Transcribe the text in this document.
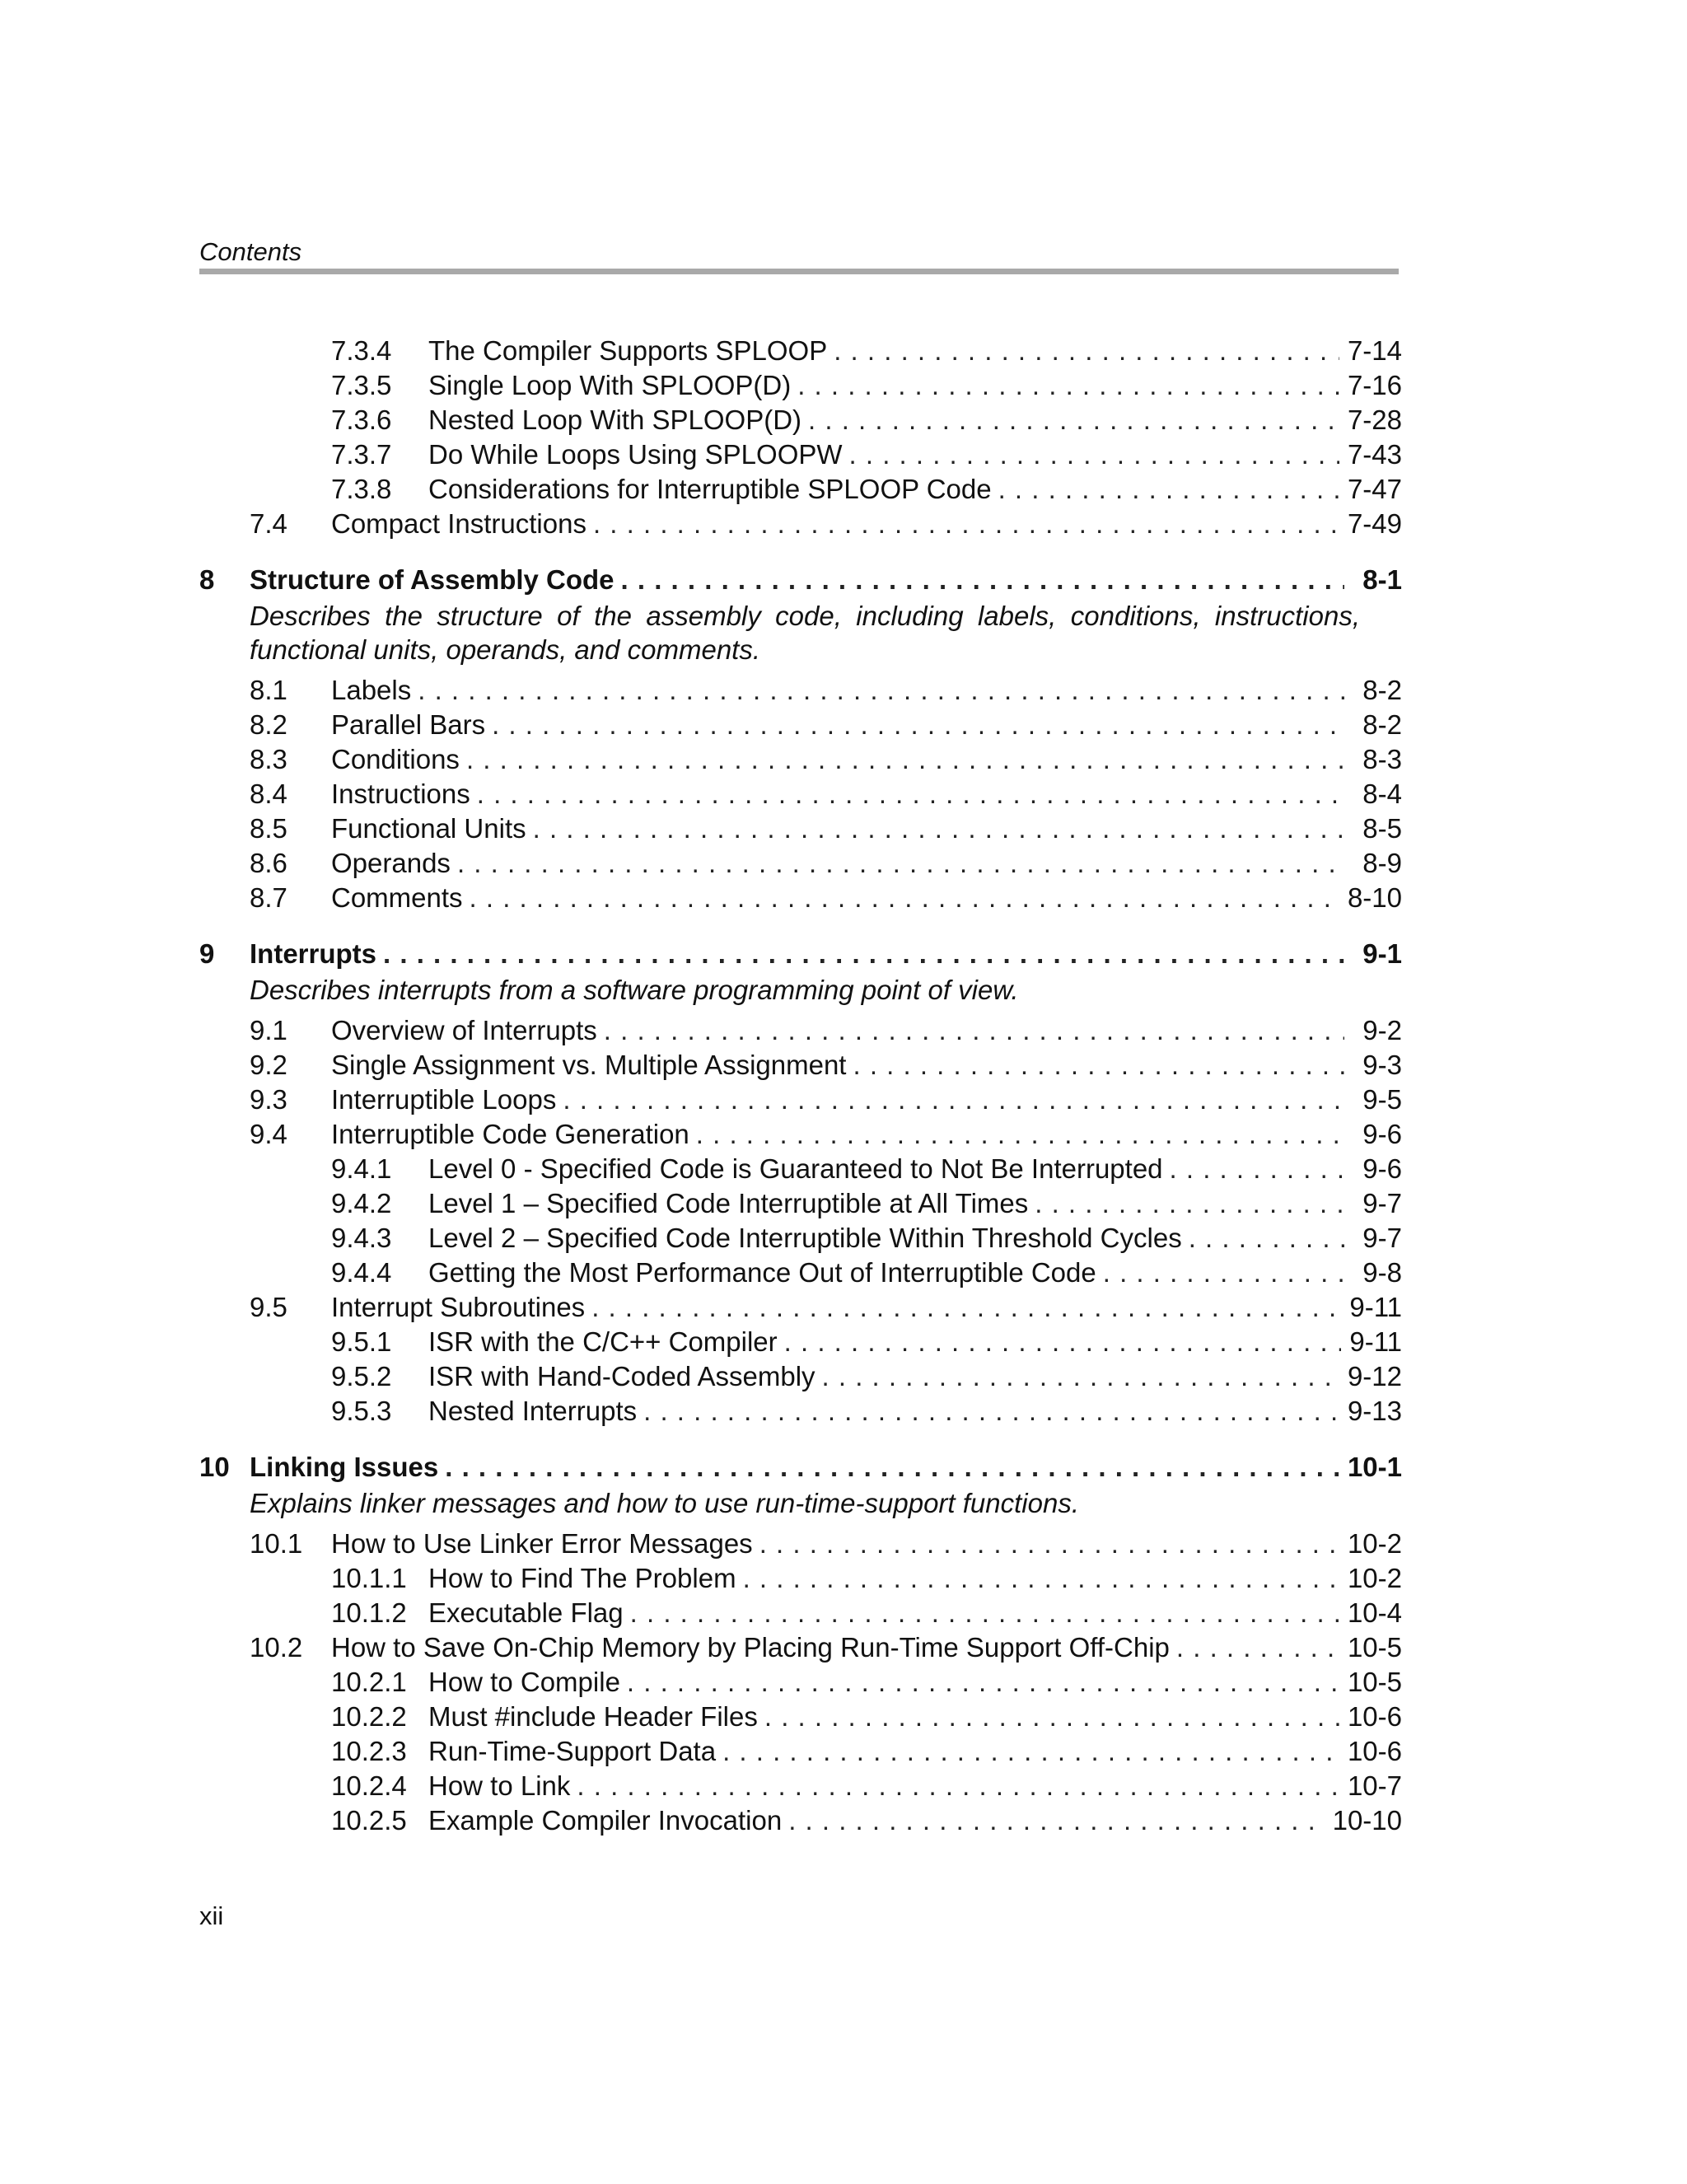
Contents
7.3.4	The Compiler Supports SPLOOP . . .	7-14
7.3.5	Single Loop With SPLOOP(D) . . .	7-16
7.3.6	Nested Loop With SPLOOP(D) . . .	7-28
7.3.7	Do While Loops Using SPLOOPW . . .	7-43
7.3.8	Considerations for Interruptible SPLOOP Code . . .	7-47
7.4	Compact Instructions . . .	7-49
8	Structure of Assembly Code . . .	8-1
Describes the structure of the assembly code, including labels, conditions, instructions, functional units, operands, and comments.
8.1	Labels . . .	8-2
8.2	Parallel Bars . . .	8-2
8.3	Conditions . . .	8-3
8.4	Instructions . . .	8-4
8.5	Functional Units . . .	8-5
8.6	Operands . . .	8-9
8.7	Comments . . .	8-10
9	Interrupts . . .	9-1
Describes interrupts from a software programming point of view.
9.1	Overview of Interrupts . . .	9-2
9.2	Single Assignment vs. Multiple Assignment . . .	9-3
9.3	Interruptible Loops . . .	9-5
9.4	Interruptible Code Generation . . .	9-6
9.4.1	Level 0 - Specified Code is Guaranteed to Not Be Interrupted . . .	9-6
9.4.2	Level 1 – Specified Code Interruptible at All Times . . .	9-7
9.4.3	Level 2 – Specified Code Interruptible Within Threshold Cycles . . .	9-7
9.4.4	Getting the Most Performance Out of Interruptible Code . . .	9-8
9.5	Interrupt Subroutines . . .	9-11
9.5.1	ISR with the C/C++ Compiler . . .	9-11
9.5.2	ISR with Hand-Coded Assembly . . .	9-12
9.5.3	Nested Interrupts . . .	9-13
10 Linking Issues . . .	10-1
Explains linker messages and how to use run-time-support functions.
10.1	How to Use Linker Error Messages . . .	10-2
10.1.1 How to Find The Problem . . .	10-2
10.1.2 Executable Flag . . .	10-4
10.2	How to Save On-Chip Memory by Placing Run-Time Support Off-Chip . . .	10-5
10.2.1 How to Compile . . .	10-5
10.2.2 Must #include Header Files . . .	10-6
10.2.3 Run-Time-Support Data . . .	10-6
10.2.4 How to Link . . .	10-7
10.2.5 Example Compiler Invocation . . .	10-10
xii
